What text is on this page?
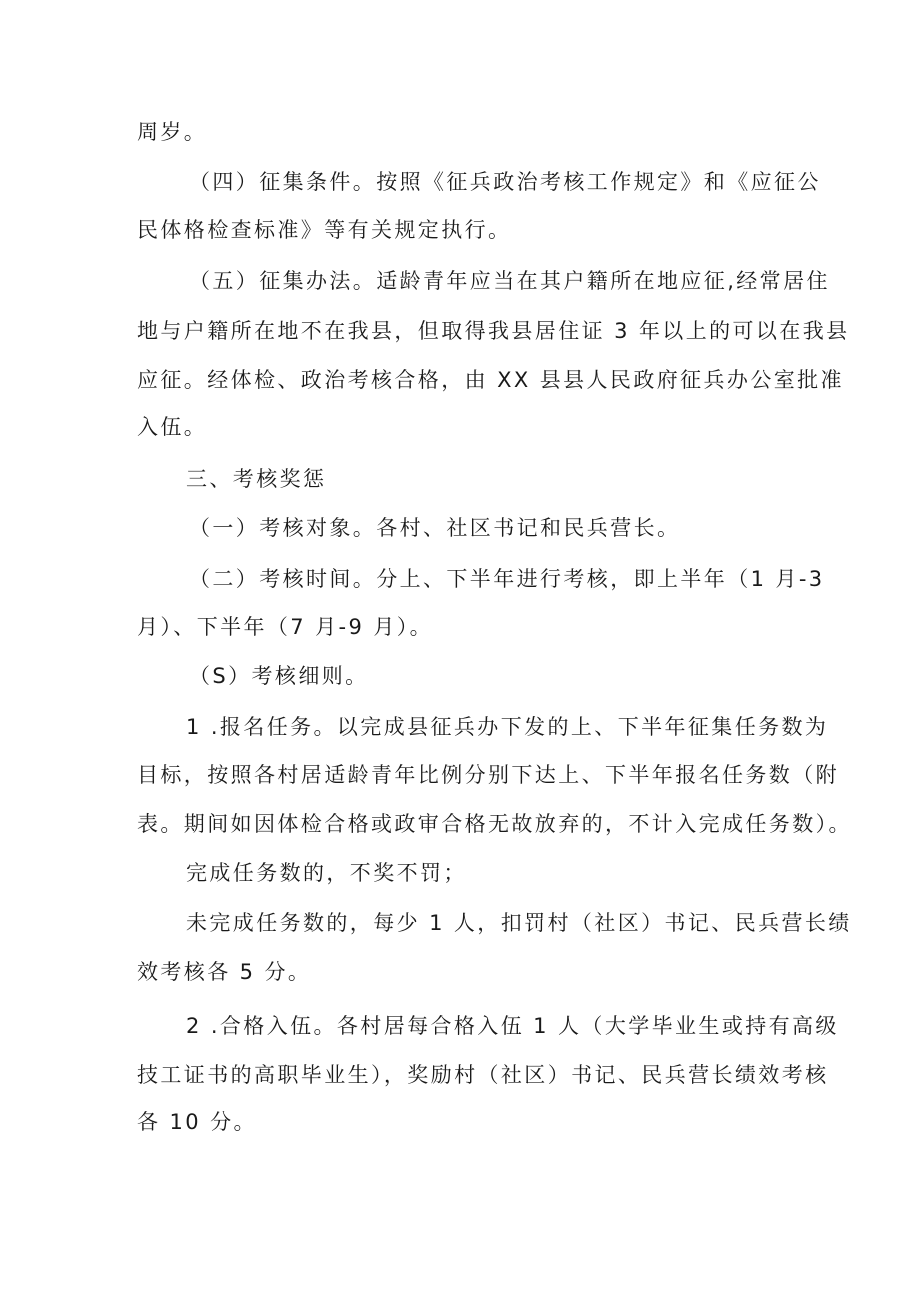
周岁。
（四）征集条件。按照《征兵政治考核工作规定》和《应征公
民体格检查标准》等有关规定执行。
（五）征集办法。适龄青年应当在其户籍所在地应征,经常居住
地与户籍所在地不在我县，但取得我县居住证 3 年以上的可以在我县
应征。经体检、政治考核合格，由 XX 县县人民政府征兵办公室批准
入伍。
三、考核奖惩
（一）考核对象。各村、社区书记和民兵营长。
（二）考核时间。分上、下半年进行考核，即上半年（1 月-3
月）、下半年（7 月-9 月）。
（S）考核细则。
1 .报名任务。以完成县征兵办下发的上、下半年征集任务数为
目标，按照各村居适龄青年比例分别下达上、下半年报名任务数（附
表。期间如因体检合格或政审合格无故放弃的，不计入完成任务数）。
完成任务数的，不奖不罚；
未完成任务数的，每少 1 人，扣罚村（社区）书记、民兵营长绩
效考核各 5 分。
2 .合格入伍。各村居每合格入伍 1 人（大学毕业生或持有高级
技工证书的高职毕业生），奖励村（社区）书记、民兵营长绩效考核
各 10 分。
